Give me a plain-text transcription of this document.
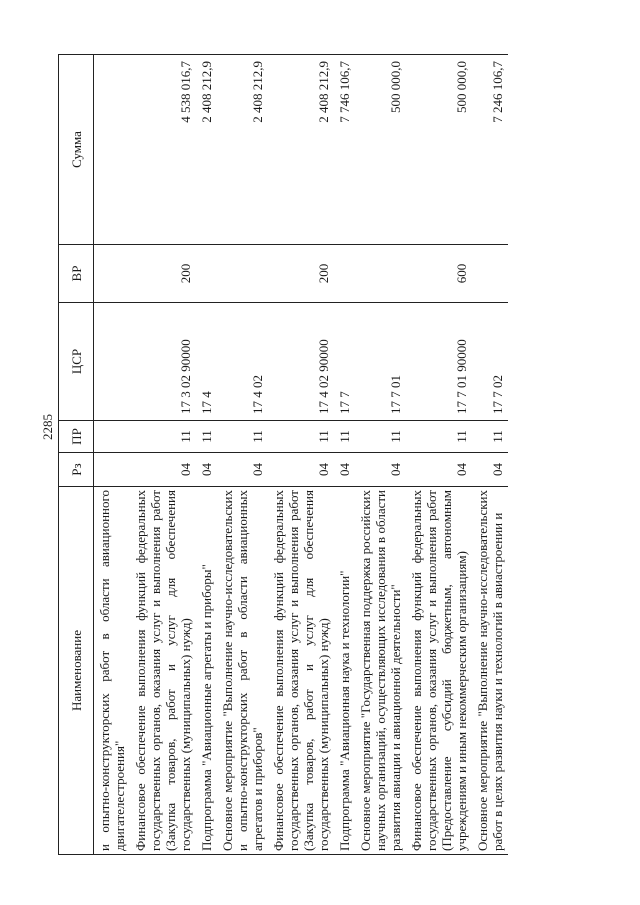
2285
Наименование	Рз	ПР	ЦСР	ВР	Сумма
и опытно-конструкторских работ в области авиационного двигателестроения"					
Финансовое обеспечение выполнения функций федеральных государственных органов, оказания услуг и выполнения работ (Закупка товаров, работ и услуг для обеспечения государственных (муниципальных) нужд)	04	11	17 3 02 90000	200	4 538 016,7
Подпрограмма "Авиационные агрегаты и приборы"	04	11	17 4		2 408 212,9
Основное мероприятие "Выполнение научно-исследовательских и опытно-конструкторских работ в области авиационных агрегатов и приборов"	04	11	17 4 02		2 408 212,9
Финансовое обеспечение выполнения функций федеральных государственных органов, оказания услуг и выполнения работ (Закупка товаров, работ и услуг для обеспечения государственных (муниципальных) нужд)	04	11	17 4 02 90000	200	2 408 212,9
Подпрограмма "Авиационная наука и технологии"	04	11	17 7		7 746 106,7
Основное мероприятие "Государственная поддержка российских научных организаций, осуществляющих исследования в области развития авиации и авиационной деятельности"	04	11	17 7 01		500 000,0
Финансовое обеспечение выполнения функций федеральных государственных органов, оказания услуг и выполнения работ (Предоставление субсидий бюджетным, автономным учреждениям и иным некоммерческим организациям)	04	11	17 7 01 90000	600	500 000,0
Основное мероприятие "Выполнение научно-исследовательских работ в целях развития науки и технологий в авиастроении и	04	11	17 7 02		7 246 106,7
